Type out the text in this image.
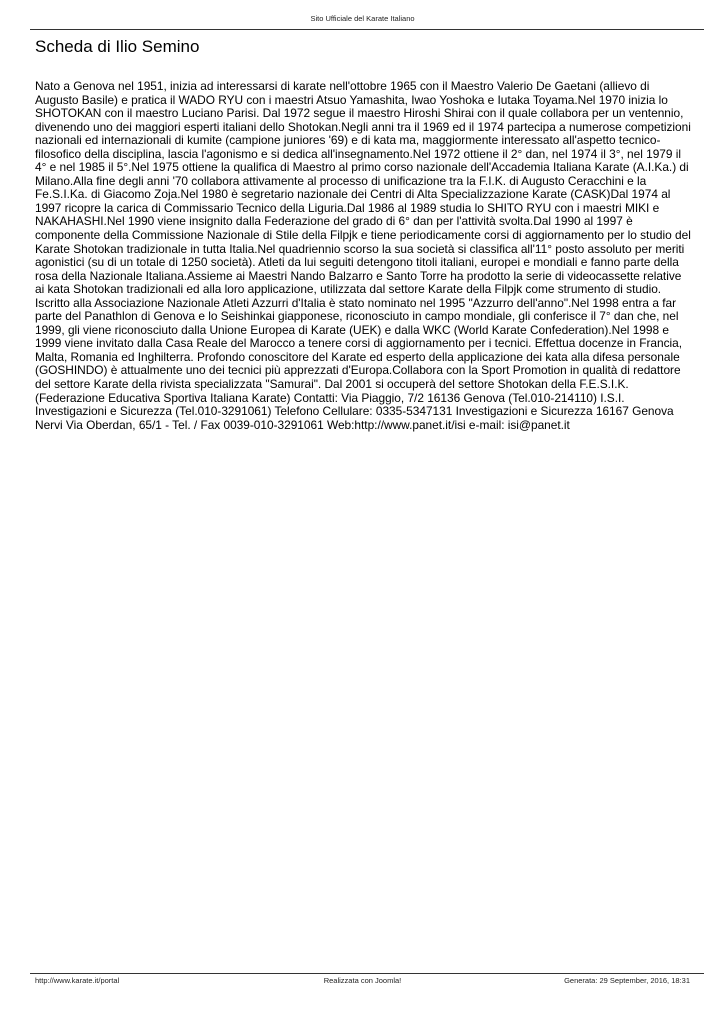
Sito Ufficiale del Karate Italiano
Scheda di Ilio Semino

Nato a Genova nel 1951, inizia ad interessarsi di karate nell'ottobre 1965 con il Maestro Valerio De Gaetani (allievo di Augusto Basile) e pratica il WADO RYU con i maestri Atsuo Yamashita, Iwao Yoshoka e Iutaka Toyama.Nel 1970 inizia lo SHOTOKAN con il maestro Luciano Parisi. Dal 1972 segue il maestro Hiroshi Shirai con il quale collabora per un ventennio, divenendo uno dei maggiori esperti italiani dello Shotokan.Negli anni tra il 1969 ed il 1974 partecipa a numerose competizioni nazionali ed internazionali di kumite (campione juniores '69) e di kata ma, maggiormente interessato all'aspetto tecnico-filosofico della disciplina, lascia l'agonismo e si dedica all'insegnamento.Nel 1972 ottiene il 2° dan, nel 1974 il 3°, nel 1979 il 4° e nel 1985 il 5°.Nel 1975 ottiene la qualifica di Maestro al primo corso nazionale dell'Accademia Italiana Karate (A.I.Ka.) di Milano.Alla fine degli anni '70 collabora attivamente al processo di unificazione tra la F.I.K. di Augusto Ceracchini e la Fe.S.I.Ka. di Giacomo Zoja.Nel 1980 è segretario nazionale dei Centri di Alta Specializzazione Karate (CASK)Dal 1974 al 1997 ricopre la carica di Commissario Tecnico della Liguria.Dal 1986 al 1989 studia lo SHITO RYU con i maestri MIKI e NAKAHASHI.Nel 1990 viene insignito dalla Federazione del grado di 6° dan per l'attività svolta.Dal 1990 al 1997 è componente della Commissione Nazionale di Stile della Filpjk e tiene periodicamente corsi di aggiornamento per lo studio del Karate Shotokan tradizionale in tutta Italia.Nel quadriennio scorso la sua società si classifica all'11° posto assoluto per meriti agonistici (su di un totale di 1250 società). Atleti da lui seguiti detengono titoli italiani, europei e mondiali e fanno parte della rosa della Nazionale Italiana.Assieme ai Maestri Nando Balzarro e Santo Torre ha prodotto la serie di videocassette relative ai kata Shotokan tradizionali ed alla loro applicazione, utilizzata dal settore Karate della Filpjk come strumento di studio. Iscritto alla Associazione Nazionale Atleti Azzurri d'Italia è stato nominato nel 1995 "Azzurro dell'anno".Nel 1998 entra a far parte del Panathlon di Genova e lo Seishinkai giapponese, riconosciuto in campo mondiale, gli conferisce il 7° dan che, nel 1999, gli viene riconosciuto dalla Unione Europea di Karate (UEK) e dalla WKC (World Karate Confederation).Nel 1998 e 1999 viene invitato dalla Casa Reale del Marocco a tenere corsi di aggiornamento per i tecnici. Effettua docenze in Francia, Malta, Romania ed Inghilterra. Profondo conoscitore del Karate ed esperto della applicazione dei kata alla difesa personale (GOSHINDO) è attualmente uno dei tecnici più apprezzati d'Europa.Collabora con la Sport Promotion in qualità di redattore del settore Karate della rivista specializzata "Samurai". Dal 2001 si occuperà del settore Shotokan della F.E.S.I.K. (Federazione Educativa Sportiva Italiana Karate) Contatti: Via Piaggio, 7/2 16136 Genova (Tel.010-214110) I.S.I. Investigazioni e Sicurezza (Tel.010-3291061) Telefono Cellulare: 0335-5347131 Investigazioni e Sicurezza 16167 Genova Nervi Via Oberdan, 65/1 - Tel. / Fax 0039-010-3291061 Web:http://www.panet.it/isi e-mail: isi@panet.it

http://www.karate.it/portal	Realizzata con Joomla!	Generata: 29 September, 2016, 18:31
